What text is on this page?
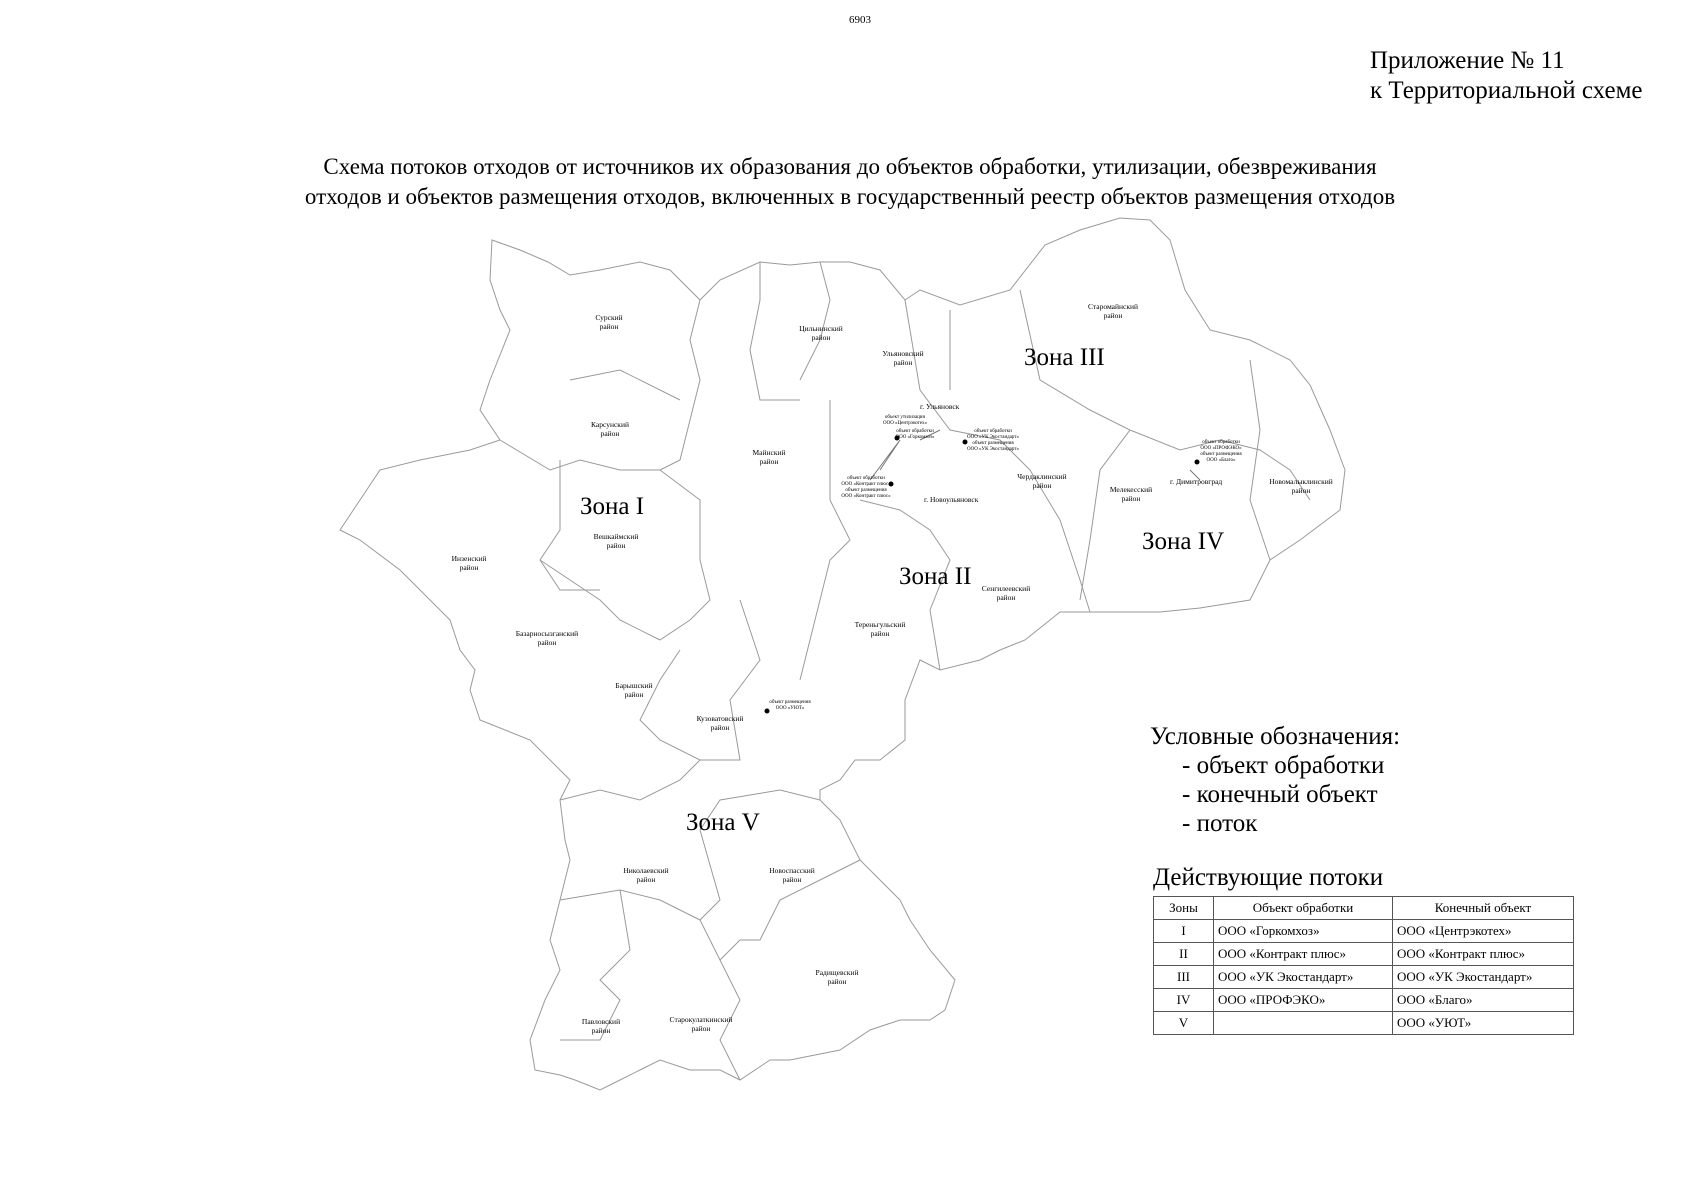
6903
Приложение № 11
к Территориальной схеме
Схема потоков отходов от источников их образования до объектов обработки, утилизации, обезвреживания
отходов и объектов размещения отходов, включенных в государственный реестр объектов размещения отходов
Сурский район	Цильнинский район
Ульяновский район
Старомайнский район
Карсунский район
Майнский район
Чердаклинский район	Мелекесский район
Новомалыклинский район
Вешкаймский район
Инзенский район
Сенгилеевский район
Базарносызганский район
Тереньгульский район
Барышский район
Кузоватовский район
Николаевский район
Новоспасский район
Радищевский район
Павловский район
Старокулаткинский район
г. Ульяновск
г. Новоульяновск
г. Димитровград
объект утилизации ООО «Центрэкотех»
объект обработки ООО «Горкомхоз»
объект обработки ООО «УК Экостандарт» объект размещения ООО «УК Экостандарт»
объект обработки ООО «Контракт плюс» объект размещения ООО «Контракт плюс»
объект обработки ООО «ПРОФЭКО» объект размещения ООО «Благо»
объект размещения ООО «УЮТ»
Зона I
Зона II
Зона III
Зона IV
Зона V
Условные обозначения:
- объект обработки
- конечный объект
- поток
Действующие потоки
Зоны	Объект обработки	Конечный объект
I	ООО «Горкомхоз»	ООО «Центрэкотех»
II	ООО «Контракт плюс»	ООО «Контракт плюс»
III	ООО «УК Экостандарт»	ООО «УК Экостандарт»
IV	ООО «ПРОФЭКО»	ООО «Благо»
V		ООО «УЮТ»
